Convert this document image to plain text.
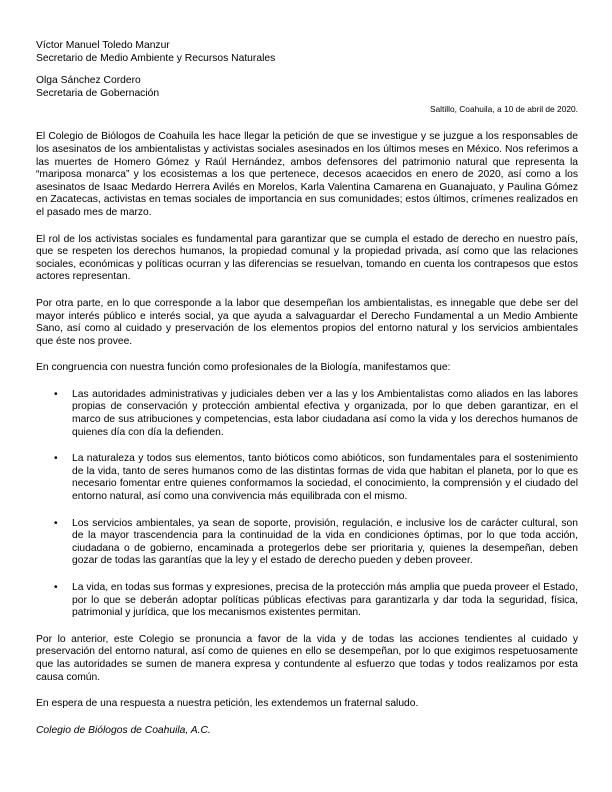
Víctor Manuel Toledo Manzur

Secretario de Medio Ambiente y Recursos Naturales

Olga Sánchez Cordero

Secretaria de Gobernación

Saltillo, Coahuila, a 10 de abril de 2020.

El Colegio de Biólogos de Coahuila les hace llegar la petición de que se investigue y se juzgue a los responsables de los asesinatos de los ambientalistas y activistas sociales asesinados en los últimos meses en México. Nos referimos a las muertes de Homero Gómez y Raúl Hernández, ambos defensores del patrimonio natural que representa la “mariposa monarca” y los ecosistemas a los que pertenece, decesos acaecidos en enero de 2020, así como a los asesinatos de Isaac Medardo Herrera Avilés en Morelos, Karla Valentina Camarena en Guanajuato, y Paulina Gómez en Zacatecas, activistas en temas sociales de importancia en sus comunidades; estos últimos, crímenes realizados en el pasado mes de marzo.

El rol de los activistas sociales es fundamental para garantizar que se cumpla el estado de derecho en nuestro país, que se respeten los derechos humanos, la propiedad comunal y la propiedad privada, así como que las relaciones sociales, económicas y políticas ocurran y las diferencias se resuelvan, tomando en cuenta los contrapesos que estos actores representan.

Por otra parte, en lo que corresponde a la labor que desempeñan los ambientalistas, es innegable que debe ser del mayor interés público e interés social, ya que ayuda a salvaguardar el Derecho Fundamental a un Medio Ambiente Sano, así como al cuidado y preservación de los elementos propios del entorno natural y los servicios ambientales que éste nos provee.

En congruencia con nuestra función como profesionales de la Biología, manifestamos que:

• Las autoridades administrativas y judiciales deben ver a las y los Ambientalistas como aliados en las labores propias de conservación y protección ambiental efectiva y organizada, por lo que deben garantizar, en el marco de sus atribuciones y competencias, esta labor ciudadana así como la vida y los derechos humanos de quienes día con día la defienden.
• La naturaleza y todos sus elementos, tanto bióticos como abióticos, son fundamentales para el sostenimiento de la vida, tanto de seres humanos como de las distintas formas de vida que habitan el planeta, por lo que es necesario fomentar entre quienes conformamos la sociedad, el conocimiento, la comprensión y el ciudado del entorno natural, así como una convivencia más equilibrada con el mismo.
• Los servicios ambientales, ya sean de soporte, provisión, regulación, e inclusive los de carácter cultural, son de la mayor trascendencia para la continuidad de la vida en condiciones óptimas, por lo que toda acción, ciudadana o de gobierno, encaminada a protegerlos debe ser prioritaria y, quienes la desempeñan, deben gozar de todas las garantías que la ley y el estado de derecho pueden y deben proveer.
• La vida, en todas sus formas y expresiones, precisa de la protección más amplia que pueda proveer el Estado, por lo que se deberán adoptar políticas públicas efectivas para garantizarla y dar toda la seguridad, física, patrimonial y jurídica, que los mecanismos existentes permitan.

Por lo anterior, este Colegio se pronuncia a favor de la vida y de todas las acciones tendientes al cuidado y preservación del entorno natural, así como de quienes en ello se desempeñan, por lo que exigimos respetuosamente que las autoridades se sumen de manera expresa y contundente al esfuerzo que todas y todos realizamos por esta causa común.

En espera de una respuesta a nuestra petición, les extendemos un fraternal saludo.

Colegio de Biólogos de Coahuila, A.C.
